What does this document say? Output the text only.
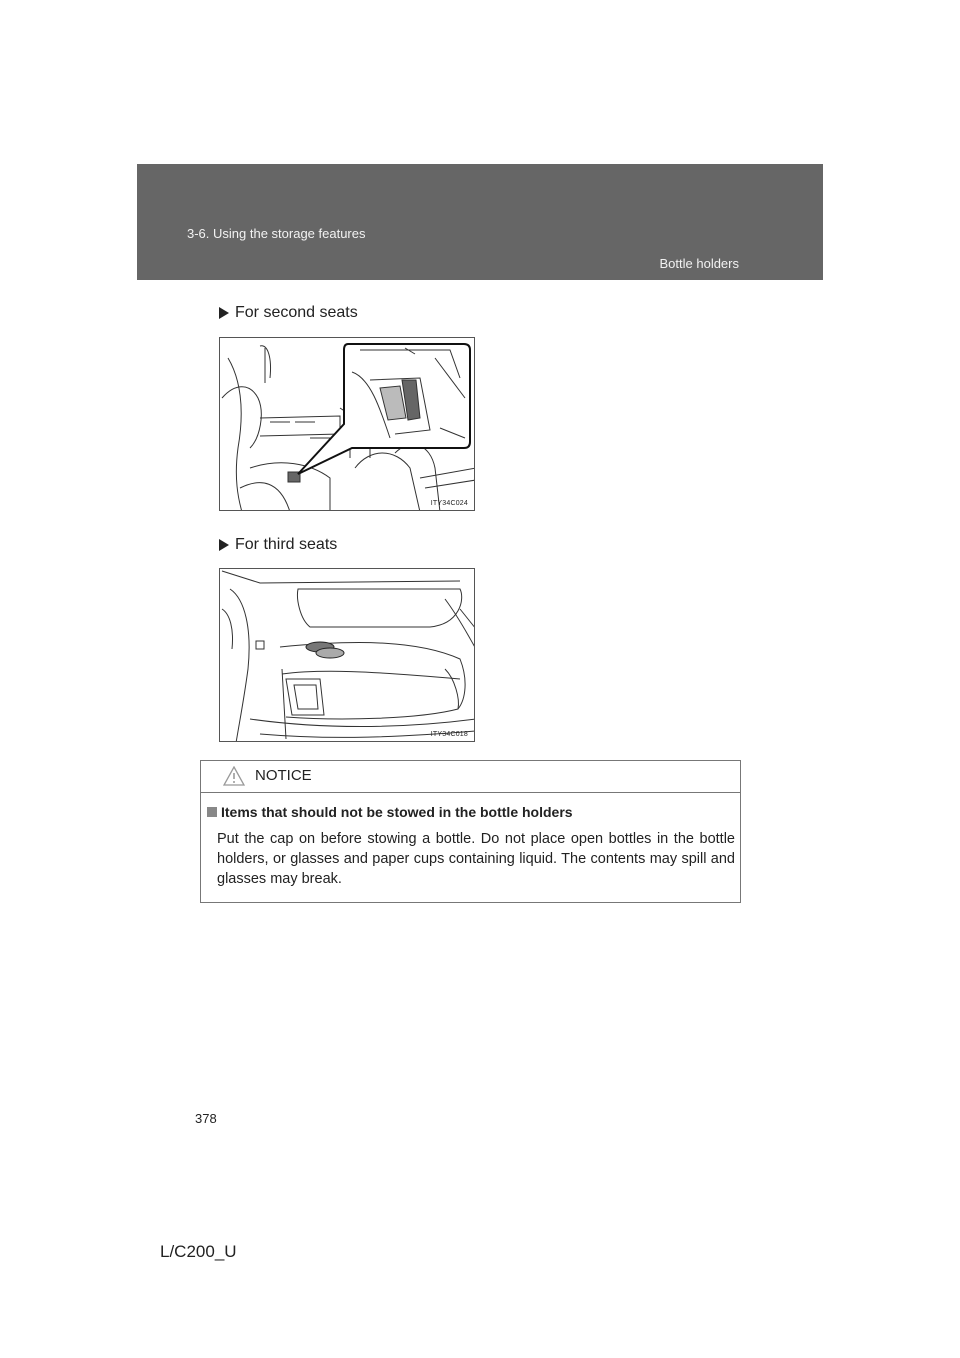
3-6. Using the storage features
Bottle holders
For second seats
ITY34C024
For third seats
ITY34C018
NOTICE
Items that should not be stowed in the bottle holders
Put the cap on before stowing a bottle. Do not place open bottles in the bottle holders, or glasses and paper cups containing liquid. The contents may spill and glasses may break.
378
L/C200_U
